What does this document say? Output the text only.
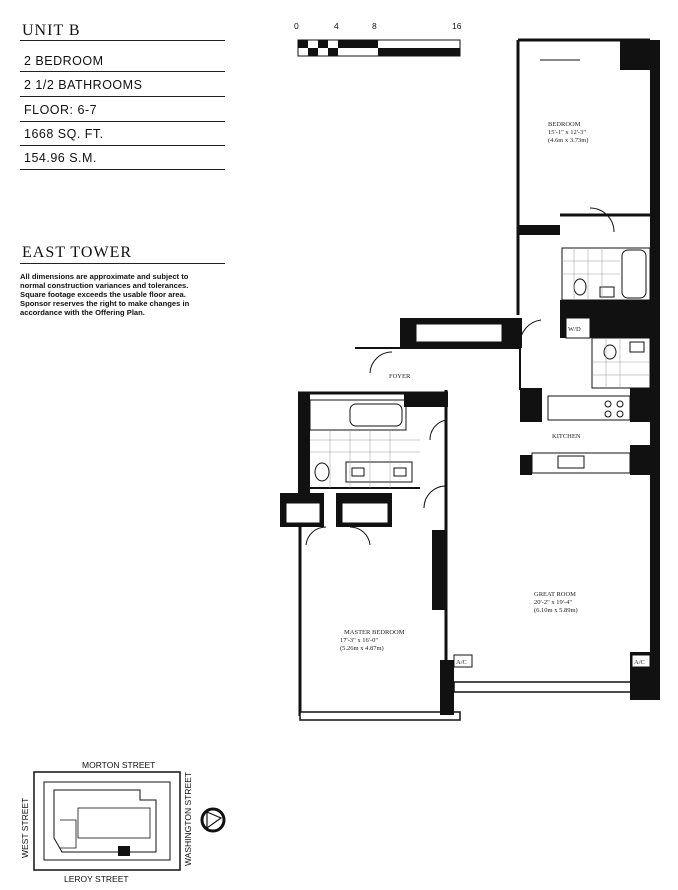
UNIT B
2 BEDROOM
2 1/2 BATHROOMS
FLOOR: 6-7
1668 SQ. FT.
154.96 S.M.
EAST TOWER
All dimensions are approximate and subject to normal construction variances and tolerances. Square footage exceeds the usable floor area. Sponsor reserves the right to make changes in accordance with the Offering Plan.
0	4	8	16
BEDROOM
15'-1" x 12'-3"
(4.6m x 3.73m)
W/D
FOYER
KITCHEN
GREAT ROOM
20'-2" x 19'-4"
(6.10m x 5.89m)
MASTER BEDROOM
17'-3" x 16'-0"
(5.26m x 4.87m)
A/C	A/C
MORTON STREET
LEROY STREET
WEST STREET	WASHINGTON STREET
